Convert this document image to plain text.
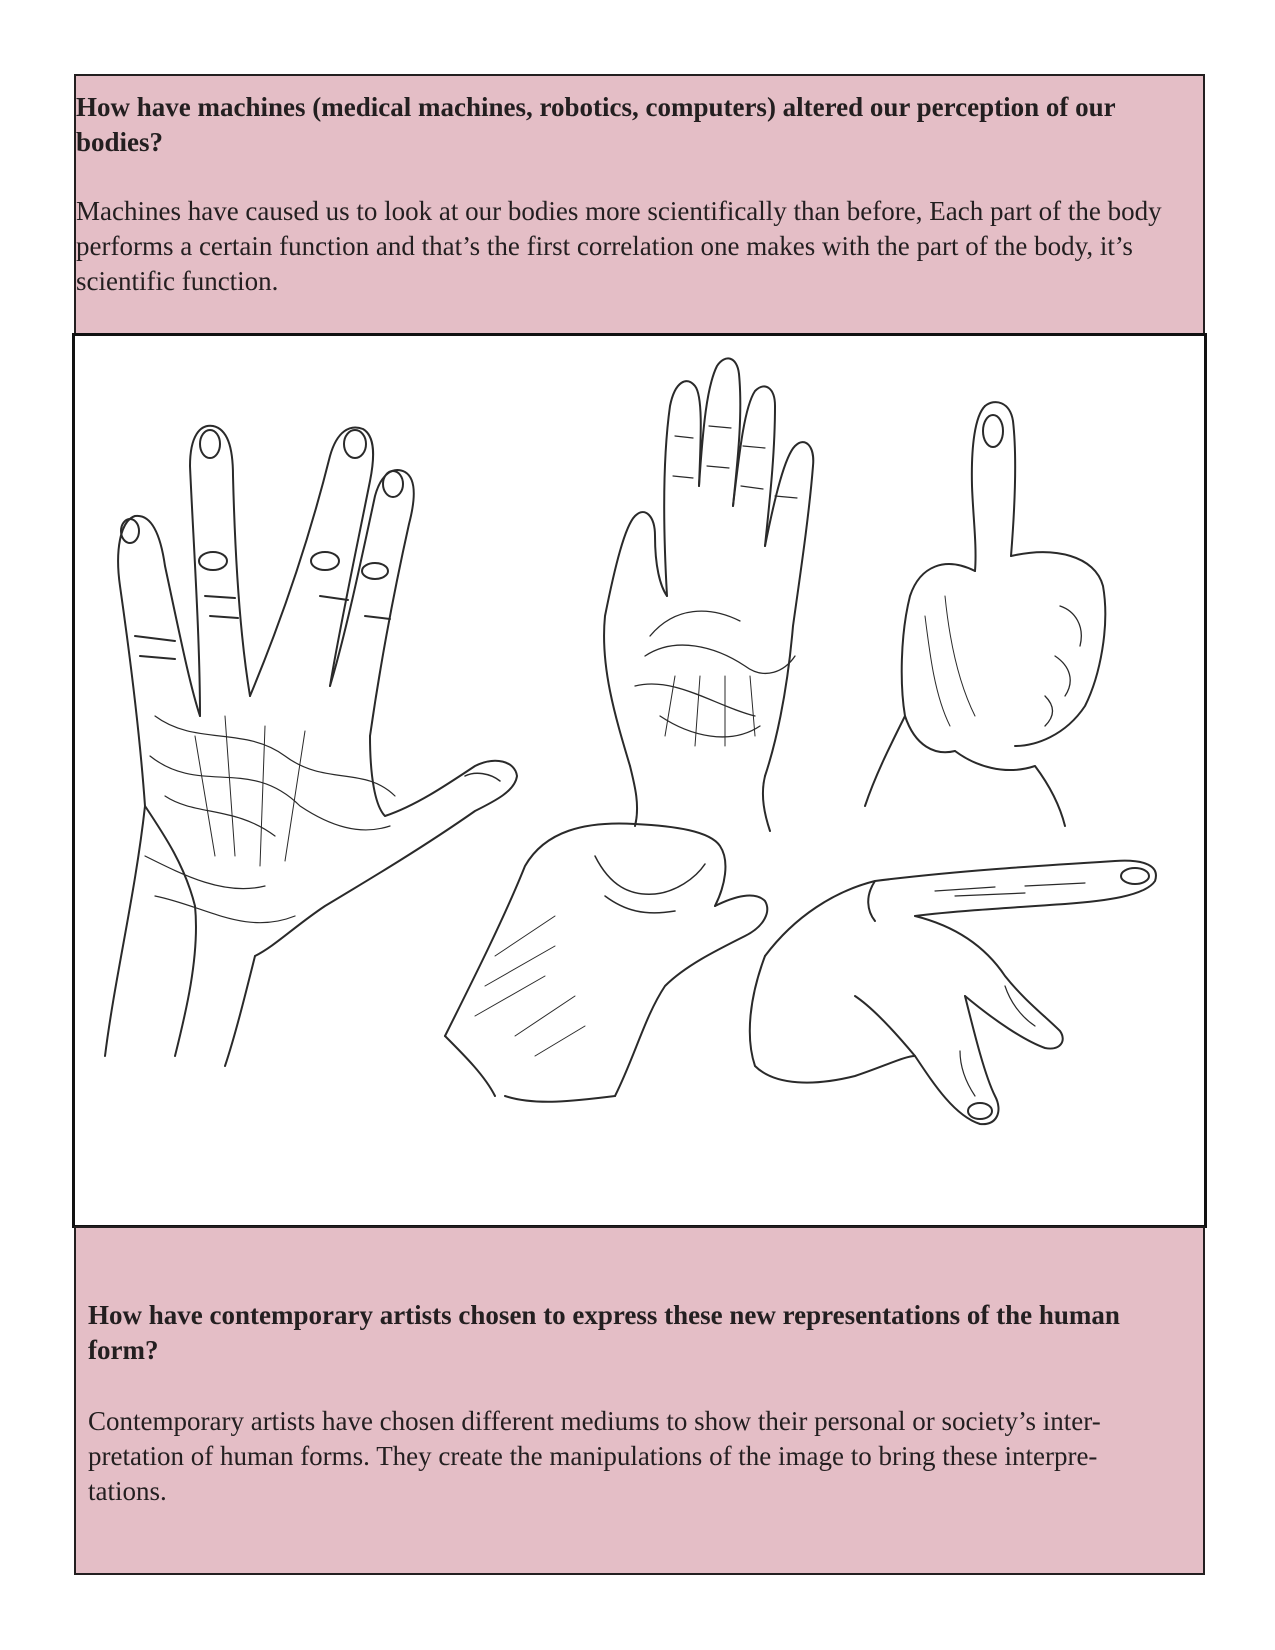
How have machines (medical machines, robotics, computers) altered our perception of our bodies?

Machines have caused us to look at our bodies more scientifically than before, Each part of the body performs a certain function and that’s the first correlation one makes with the part of the body, it’s scientific function.

How have contemporary artists chosen to express these new representations of the human form?

Contemporary artists have chosen different mediums to show their personal or society’s inter-pretation of human forms. They create the manipulations of the image to bring these interpre-tations.
